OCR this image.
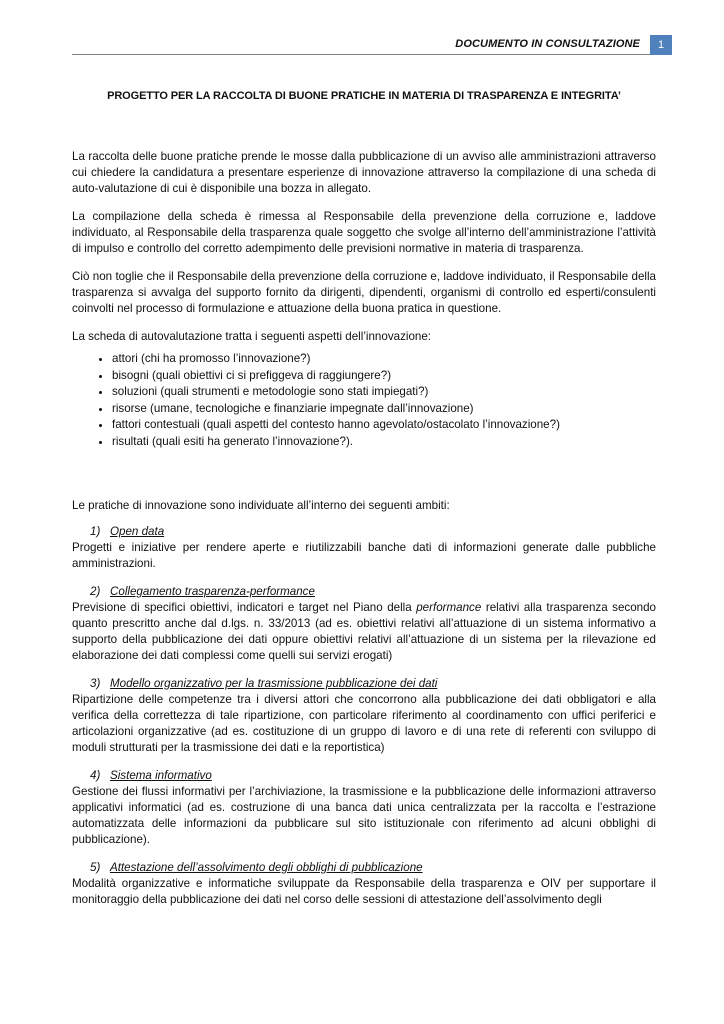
DOCUMENTO IN CONSULTAZIONE	1
PROGETTO PER LA RACCOLTA DI BUONE PRATICHE IN MATERIA DI TRASPARENZA E INTEGRITA’

La raccolta delle buone pratiche prende le mosse dalla pubblicazione di un avviso alle amministrazioni attraverso cui chiedere la candidatura a presentare esperienze di innovazione attraverso la compilazione di una scheda di auto-valutazione di cui è disponibile una bozza in allegato.

La compilazione della scheda è rimessa al Responsabile della prevenzione della corruzione e, laddove individuato, al Responsabile della trasparenza quale soggetto che svolge all’interno dell’amministrazione l’attività di impulso e controllo del corretto adempimento delle previsioni normative in materia di trasparenza.

Ciò non toglie che il Responsabile della prevenzione della corruzione e, laddove individuato, il Responsabile della trasparenza si avvalga del supporto fornito da dirigenti, dipendenti, organismi di controllo ed esperti/consulenti coinvolti nel processo di formulazione e attuazione della buona pratica in questione.

La scheda di autovalutazione tratta i seguenti aspetti dell’innovazione:

• attori (chi ha promosso l’innovazione?)
• bisogni (quali obiettivi ci si prefiggeva di raggiungere?)
• soluzioni (quali strumenti e metodologie sono stati impiegati?)
• risorse (umane, tecnologiche e finanziarie impegnate dall’innovazione)
• fattori contestuali (quali aspetti del contesto hanno agevolato/ostacolato l’innovazione?)
• risultati (quali esiti ha generato l’innovazione?).

Le pratiche di innovazione sono individuate all’interno dei seguenti ambiti:

1) Open data
Progetti e iniziative per rendere aperte e riutilizzabili banche dati di informazioni generate dalle pubbliche amministrazioni.
2) Collegamento trasparenza-performance
Previsione di specifici obiettivi, indicatori e target nel Piano della performance relativi alla trasparenza secondo quanto prescritto anche dal d.lgs. n. 33/2013 (ad es. obiettivi relativi all’attuazione di un sistema informativo a supporto della pubblicazione dei dati oppure obiettivi relativi all’attuazione di un sistema per la rilevazione ed elaborazione dei dati complessi come quelli sui servizi erogati)
3) Modello organizzativo per la trasmissione pubblicazione dei dati
Ripartizione delle competenze tra i diversi attori che concorrono alla pubblicazione dei dati obbligatori e alla verifica della correttezza di tale ripartizione, con particolare riferimento al coordinamento con uffici periferici e articolazioni organizzative (ad es. costituzione di un gruppo di lavoro e di una rete di referenti con sviluppo di moduli strutturati per la trasmissione dei dati e la reportistica)
4) Sistema informativo
Gestione dei flussi informativi per l’archiviazione, la trasmissione e la pubblicazione delle informazioni attraverso applicativi informatici (ad es. costruzione di una banca dati unica centralizzata per la raccolta e l’estrazione automatizzata delle informazioni da pubblicare sul sito istituzionale con riferimento ad alcuni obblighi di pubblicazione).
5) Attestazione dell’assolvimento degli obblighi di pubblicazione
Modalità organizzative e informatiche sviluppate da Responsabile della trasparenza e OIV per supportare il monitoraggio della pubblicazione dei dati nel corso delle sessioni di attestazione dell’assolvimento degli
